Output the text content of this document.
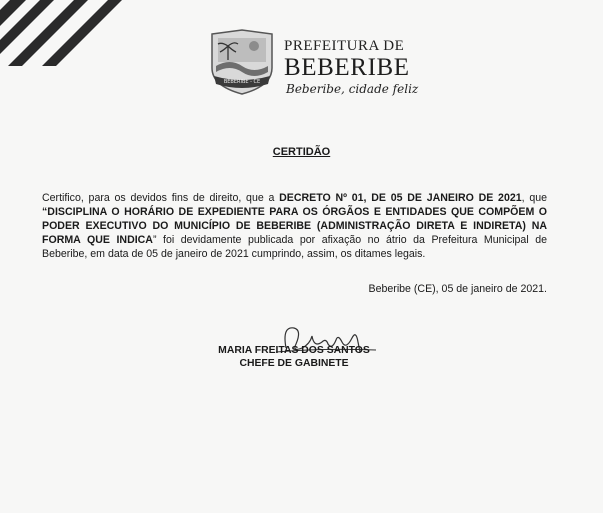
BEBERIBE - CE
PREFEITURA DE
BEBERIBE
Beberibe, cidade feliz
CERTIDÃO
Certifico, para os devidos fins de direito, que a DECRETO Nº 01, DE 05 DE JANEIRO DE 2021, que “DISCIPLINA O HORÁRIO DE EXPEDIENTE PARA OS ÓRGÃOS E ENTIDADES QUE COMPÕEM O PODER EXECUTIVO DO MUNICÍPIO DE BEBERIBE (ADMINISTRAÇÃO DIRETA E INDIRETA) NA FORMA QUE INDICA” foi devidamente publicada por afixação no átrio da Prefeitura Municipal de Beberibe, em data de 05 de janeiro de 2021 cumprindo, assim, os ditames legais.
Beberibe (CE), 05 de janeiro de 2021.
MARIA FREITAS DOS SANTOS
CHEFE DE GABINETE
